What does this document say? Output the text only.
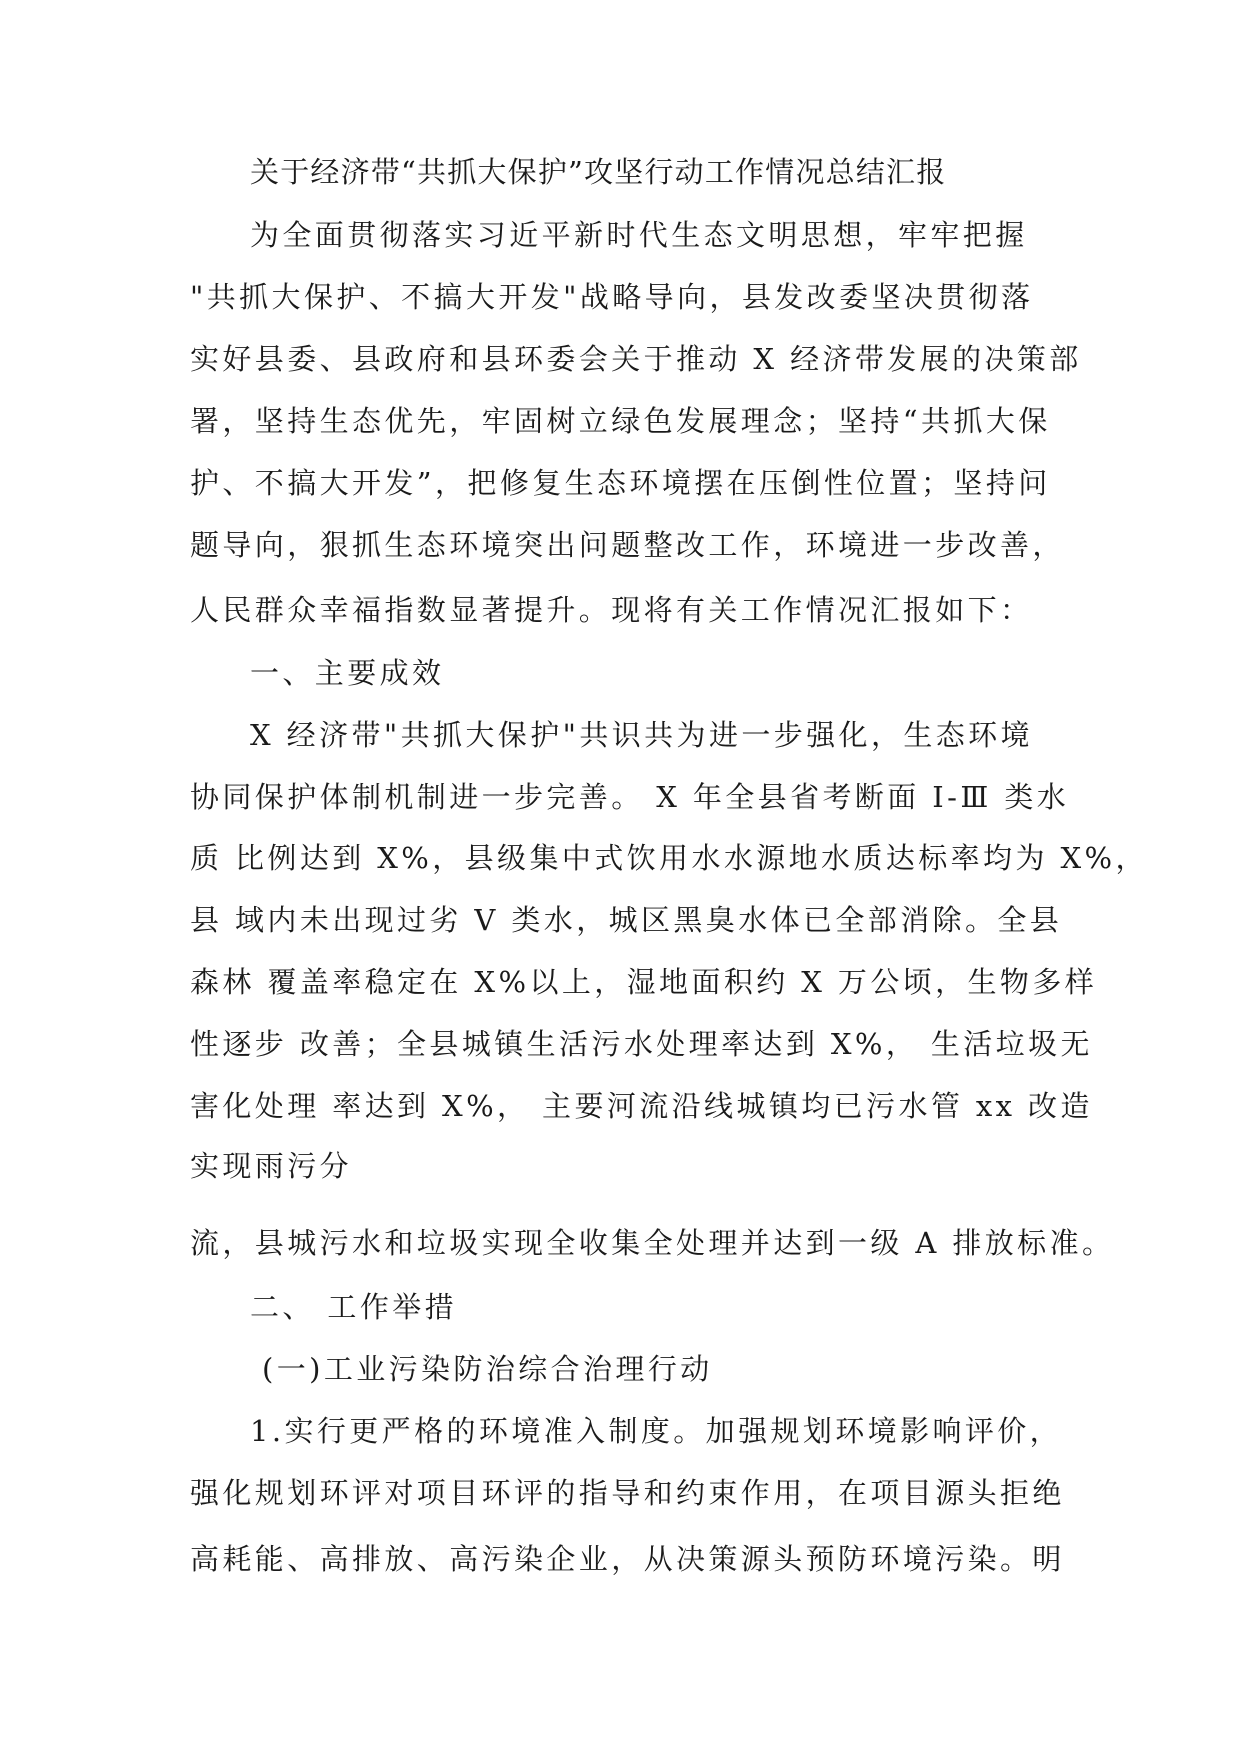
关于经济带“共抓大保护”攻坚行动工作情况总结汇报
为全面贯彻落实习近平新时代生态文明思想，牢牢把握
"共抓大保护、不搞大开发"战略导向，县发改委坚决贯彻落
实好县委、县政府和县环委会关于推动 X 经济带发展的决策部
署，坚持生态优先，牢固树立绿色发展理念；坚持“共抓大保
护、不搞大开发”，把修复生态环境摆在压倒性位置；坚持问
题导向，狠抓生态环境突出问题整改工作，环境进一步改善，
人民群众幸福指数显著提升。现将有关工作情况汇报如下：
一、主要成效
X 经济带"共抓大保护"共识共为进一步强化，生态环境
协同保护体制机制进一步完善。 X 年全县省考断面 I-Ⅲ 类水
质 比例达到 X%，县级集中式饮用水水源地水质达标率均为 X%，
县 域内未出现过劣 V 类水，城区黑臭水体已全部消除。全县
森林 覆盖率稳定在 X%以上，湿地面积约 X 万公顷，生物多样
性逐步 改善；全县城镇生活污水处理率达到 X%， 生活垃圾无
害化处理 率达到 X%， 主要河流沿线城镇均已污水管 xx 改造
实现雨污分
流，县城污水和垃圾实现全收集全处理并达到一级 A 排放标准。
二、 工作举措
(一)工业污染防治综合治理行动
1.实行更严格的环境准入制度。加强规划环境影响评价，
强化规划环评对项目环评的指导和约束作用，在项目源头拒绝
高耗能、高排放、高污染企业，从决策源头预防环境污染。明
